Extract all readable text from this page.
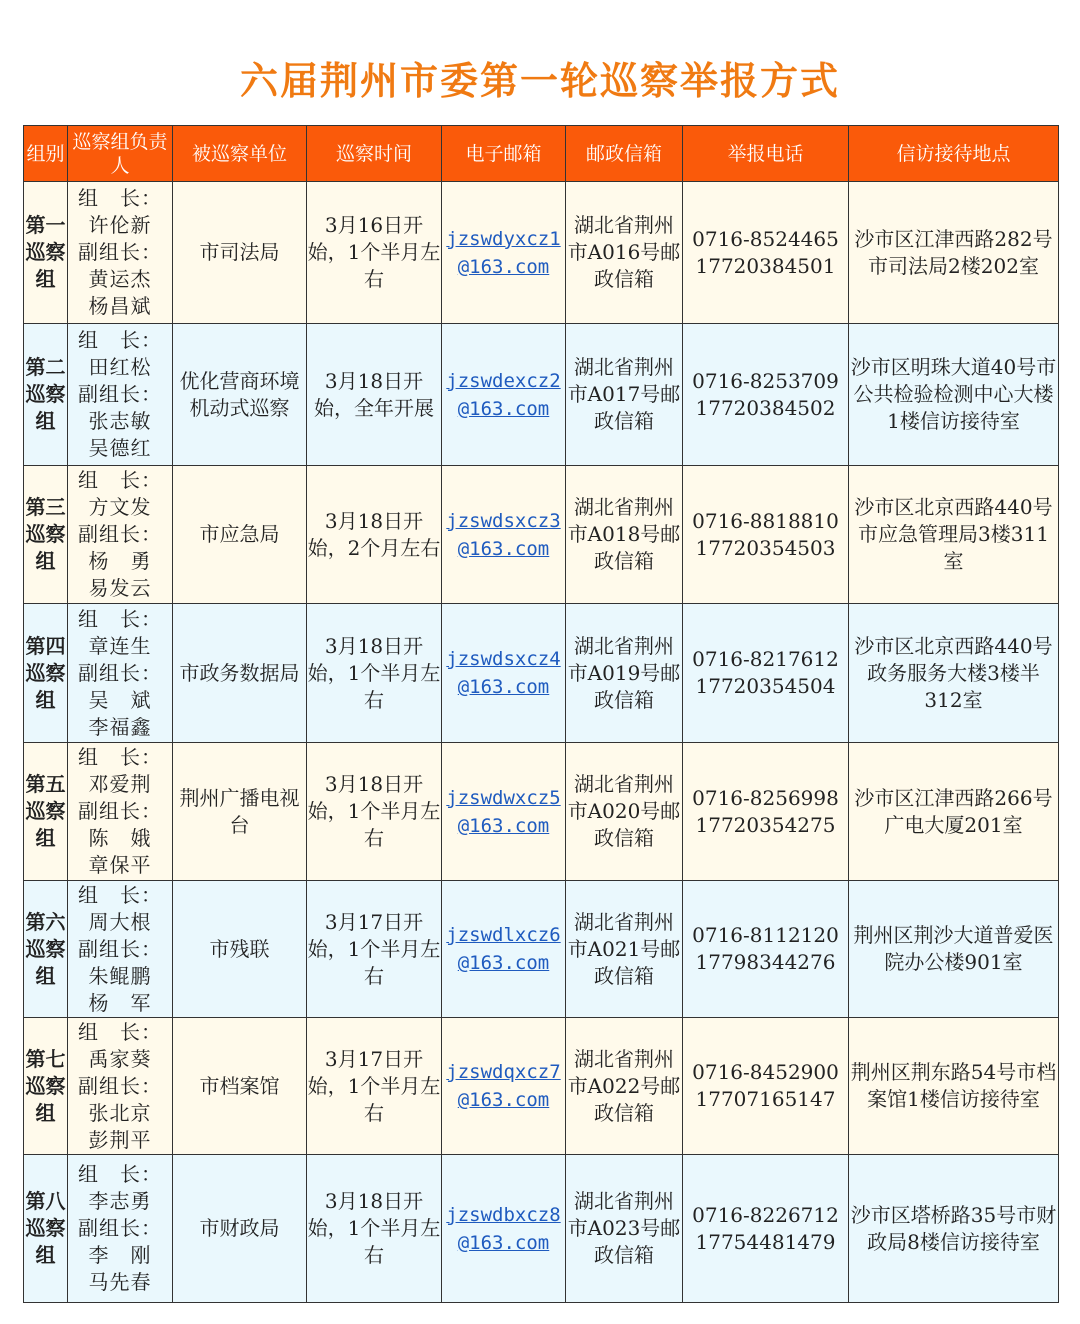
六届荆州市委第一轮巡察举报方式
组别	巡察组负责人	被巡察单位	巡察时间	电子邮箱	邮政信箱	举报电话	信访接待地点
第一巡察组	组　长：
许伦新
副组长：
黄运杰
杨昌斌	市司法局	3月16日开始，1个半月左右	jzswdyxcz1@163.com	湖北省荆州市A016号邮政信箱	0716-8524465
17720384501	沙市区江津西路282号市司法局2楼202室
第二巡察组	组　长：
田红松
副组长：
张志敏
吴德红	优化营商环境机动式巡察	3月18日开始，全年开展	jzswdexcz2@163.com	湖北省荆州市A017号邮政信箱	0716-8253709
17720384502	沙市区明珠大道40号市公共检验检测中心大楼1楼信访接待室
第三巡察组	组　长：
方文发
副组长：
杨　勇
易发云	市应急局	3月18日开始，2个月左右	jzswdsxcz3@163.com	湖北省荆州市A018号邮政信箱	0716-8818810
17720354503	沙市区北京西路440号市应急管理局3楼311室
第四巡察组	组　长：
章连生
副组长：
吴　斌
李福鑫	市政务数据局	3月18日开始，1个半月左右	jzswdsxcz4@163.com	湖北省荆州市A019号邮政信箱	0716-8217612
17720354504	沙市区北京西路440号政务服务大楼3楼半312室
第五巡察组	组　长：
邓爱荆
副组长：
陈　娥
章保平	荆州广播电视台	3月18日开始，1个半月左右	jzswdwxcz5@163.com	湖北省荆州市A020号邮政信箱	0716-8256998
17720354275	沙市区江津西路266号广电大厦201室
第六巡察组	组　长：
周大根
副组长：
朱鲲鹏
杨　军	市残联	3月17日开始，1个半月左右	jzswdlxcz6@163.com	湖北省荆州市A021号邮政信箱	0716-8112120
17798344276	荆州区荆沙大道普爱医院办公楼901室
第七巡察组	组　长：
禹家葵
副组长：
张北京
彭荆平	市档案馆	3月17日开始，1个半月左右	jzswdqxcz7@163.com	湖北省荆州市A022号邮政信箱	0716-8452900
17707165147	荆州区荆东路54号市档案馆1楼信访接待室
第八巡察组	组　长：
李志勇
副组长：
李　刚
马先春	市财政局	3月18日开始，1个半月左右	jzswdbxcz8@163.com	湖北省荆州市A023号邮政信箱	0716-8226712
17754481479	沙市区塔桥路35号市财政局8楼信访接待室
